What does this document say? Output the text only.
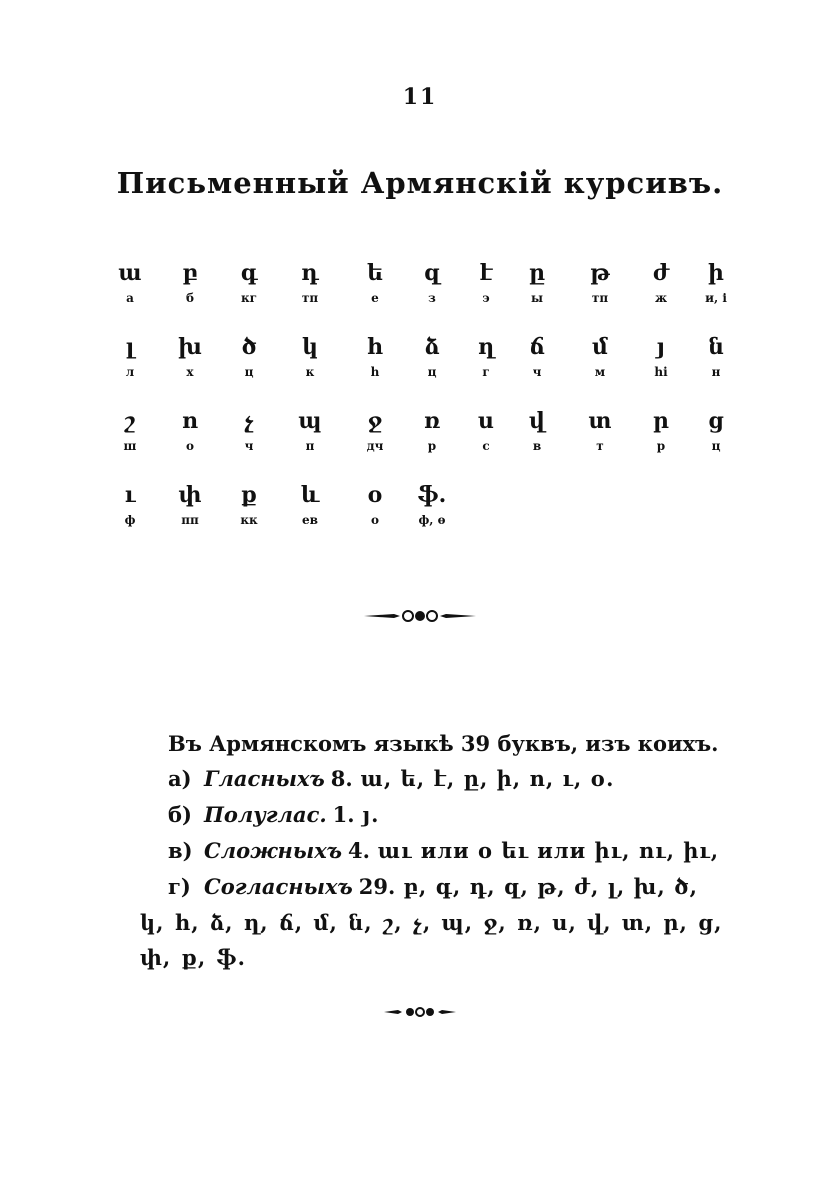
11
Письменный Армянскій курсивъ.
ա
а
բ
б
գ
кг
դ
тп
ե
е
զ
з
է
э
ը
ы
թ
тп
ժ
ж
ի
и, і
լ
л
խ
х
ծ
ц
կ
к
հ
h
ձ
ц
ղ
г
ճ
ч
մ
м
յ
hi
ն
н
շ
ш
ո
о
չ
ч
պ
п
ջ
дч
ռ
р
ս
с
վ
в
տ
т
ր
р
ց
ц
ւ
ф
փ
пп
ք
кк
և
ев
օ
о
ֆ.
ф, ѳ
Въ Армянскомъ языкѣ 39 буквъ, изъ коихъ.
а) Гласныхъ 8. ա, ե, է, ը, ի, ո, ւ, օ.
б) Полуглас. 1. յ.
в) Сложныхъ 4. աւ или о եւ или իւ, ու, իւ,
г) Согласныхъ 29. բ, գ, դ, զ, թ, ժ, լ, խ, ծ,
կ, հ, ձ, ղ, ճ, մ, ն, շ, չ, պ, ջ, ռ, ս, վ, տ, ր, ց,
փ, ք, ֆ.
